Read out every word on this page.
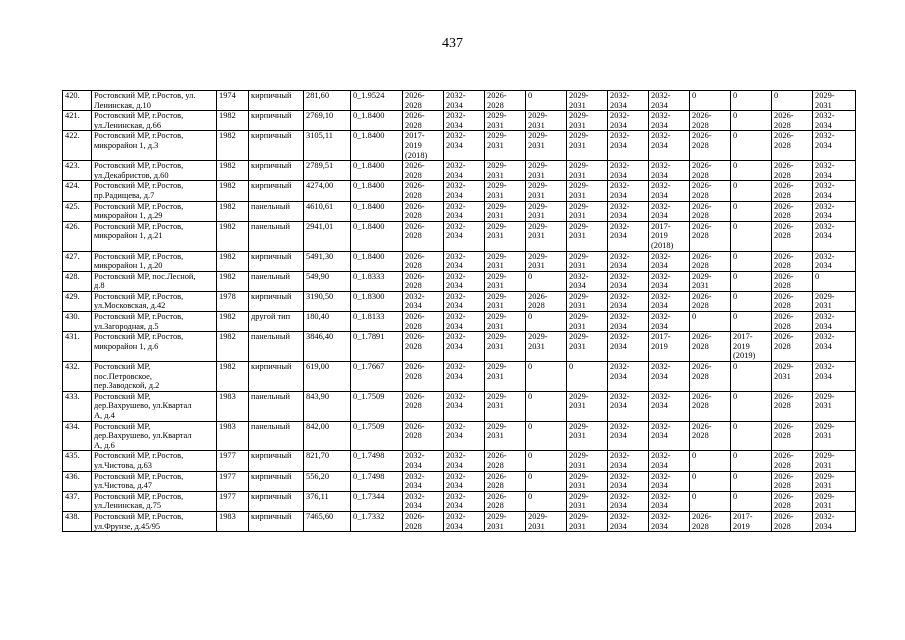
437
420.	Ростовский МР, г.Ростов, ул.
Ленинская, д.10	1974	кирпичный	281,60	0_1.9524	2026-
2028	2032-
2034	2026-
2028	0	2029-
2031	2032-
2034	2032-
2034	0	0	0	2029-
2031
421.	Ростовский МР, г.Ростов,
ул.Ленинская, д.66	1982	кирпичный	2769,10	0_1.8400	2026-
2028	2032-
2034	2029-
2031	2029-
2031	2029-
2031	2032-
2034	2032-
2034	2026-
2028	0	2026-
2028	2032-
2034
422.	Ростовский МР, г.Ростов,
микрорайон 1, д.3	1982	кирпичный	3105,11	0_1.8400	2017-
2019
(2018)	2032-
2034	2029-
2031	2029-
2031	2029-
2031	2032-
2034	2032-
2034	2026-
2028	0	2026-
2028	2032-
2034
423.	Ростовский МР, г.Ростов,
ул.Декабристов, д.60	1982	кирпичный	2789,51	0_1.8400	2026-
2028	2032-
2034	2029-
2031	2029-
2031	2029-
2031	2032-
2034	2032-
2034	2026-
2028	0	2026-
2028	2032-
2034
424.	Ростовский МР, г.Ростов,
пр.Радищева, д.7	1982	кирпичный	4274,00	0_1.8400	2026-
2028	2032-
2034	2029-
2031	2029-
2031	2029-
2031	2032-
2034	2032-
2034	2026-
2028	0	2026-
2028	2032-
2034
425.	Ростовский МР, г.Ростов,
микрорайон 1, д.29	1982	панельный	4610,61	0_1.8400	2026-
2028	2032-
2034	2029-
2031	2029-
2031	2029-
2031	2032-
2034	2032-
2034	2026-
2028	0	2026-
2028	2032-
2034
426.	Ростовский МР, г.Ростов,
микрорайон 1, д.21	1982	панельный	2941,01	0_1.8400	2026-
2028	2032-
2034	2029-
2031	2029-
2031	2029-
2031	2032-
2034	2017-
2019
(2018)	2026-
2028	0	2026-
2028	2032-
2034
427.	Ростовский МР, г.Ростов,
микрорайон 1, д.20	1982	кирпичный	5491,30	0_1.8400	2026-
2028	2032-
2034	2029-
2031	2029-
2031	2029-
2031	2032-
2034	2032-
2034	2026-
2028	0	2026-
2028	2032-
2034
428.	Ростовский МР, пос.Лесной,
д.8	1982	панельный	549,90	0_1.8333	2026-
2028	2032-
2034	2029-
2031	0	2032-
2034	2032-
2034	2032-
2034	2029-
2031	0	2026-
2028	0
429.	Ростовский МР, г.Ростов,
ул.Московская, д.42	1978	кирпичный	3190,50	0_1.8300	2032-
2034	2032-
2034	2029-
2031	2026-
2028	2029-
2031	2032-
2034	2032-
2034	2026-
2028	0	2026-
2028	2029-
2031
430.	Ростовский МР, г.Ростов,
ул.Загородная, д.5	1982	другой тип	180,40	0_1.8133	2026-
2028	2032-
2034	2029-
2031	0	2029-
2031	2032-
2034	2032-
2034	0	0	2026-
2028	2032-
2034
431.	Ростовский МР, г.Ростов,
микрорайон 1, д.6	1982	панельный	3846,40	0_1.7891	2026-
2028	2032-
2034	2029-
2031	2029-
2031	2029-
2031	2032-
2034	2017-
2019	2026-
2028	2017-
2019
(2019)	2026-
2028	2032-
2034
432.	Ростовский МР,
пос.Петровское,
пер.Заводской, д.2	1982	кирпичный	619,00	0_1.7667	2026-
2028	2032-
2034	2029-
2031	0	0	2032-
2034	2032-
2034	2026-
2028	0	2029-
2031	2032-
2034
433.	Ростовский МР,
дер.Вахрушево, ул.Квартал
А, д.4	1983	панельный	843,90	0_1.7509	2026-
2028	2032-
2034	2029-
2031	0	2029-
2031	2032-
2034	2032-
2034	2026-
2028	0	2026-
2028	2029-
2031
434.	Ростовский МР,
дер.Вахрушево, ул.Квартал
А, д.6	1983	панельный	842,00	0_1.7509	2026-
2028	2032-
2034	2029-
2031	0	2029-
2031	2032-
2034	2032-
2034	2026-
2028	0	2026-
2028	2029-
2031
435.	Ростовский МР, г.Ростов,
ул.Чистова, д.63	1977	кирпичный	821,70	0_1.7498	2032-
2034	2032-
2034	2026-
2028	0	2029-
2031	2032-
2034	2032-
2034	0	0	2026-
2028	2029-
2031
436.	Ростовский МР, г.Ростов,
ул.Чистова, д.47	1977	кирпичный	556,20	0_1.7498	2032-
2034	2032-
2034	2026-
2028	0	2029-
2031	2032-
2034	2032-
2034	0	0	2026-
2028	2029-
2031
437.	Ростовский МР, г.Ростов,
ул.Ленинская, д.75	1977	кирпичный	376,11	0_1.7344	2032-
2034	2032-
2034	2026-
2028	0	2029-
2031	2032-
2034	2032-
2034	0	0	2026-
2028	2029-
2031
438.	Ростовский МР, г.Ростов,
ул.Фрунзе, д.45/95	1983	кирпичный	7465,60	0_1.7332	2026-
2028	2032-
2034	2029-
2031	2029-
2031	2029-
2031	2032-
2034	2032-
2034	2026-
2028	2017-
2019	2026-
2028	2032-
2034
